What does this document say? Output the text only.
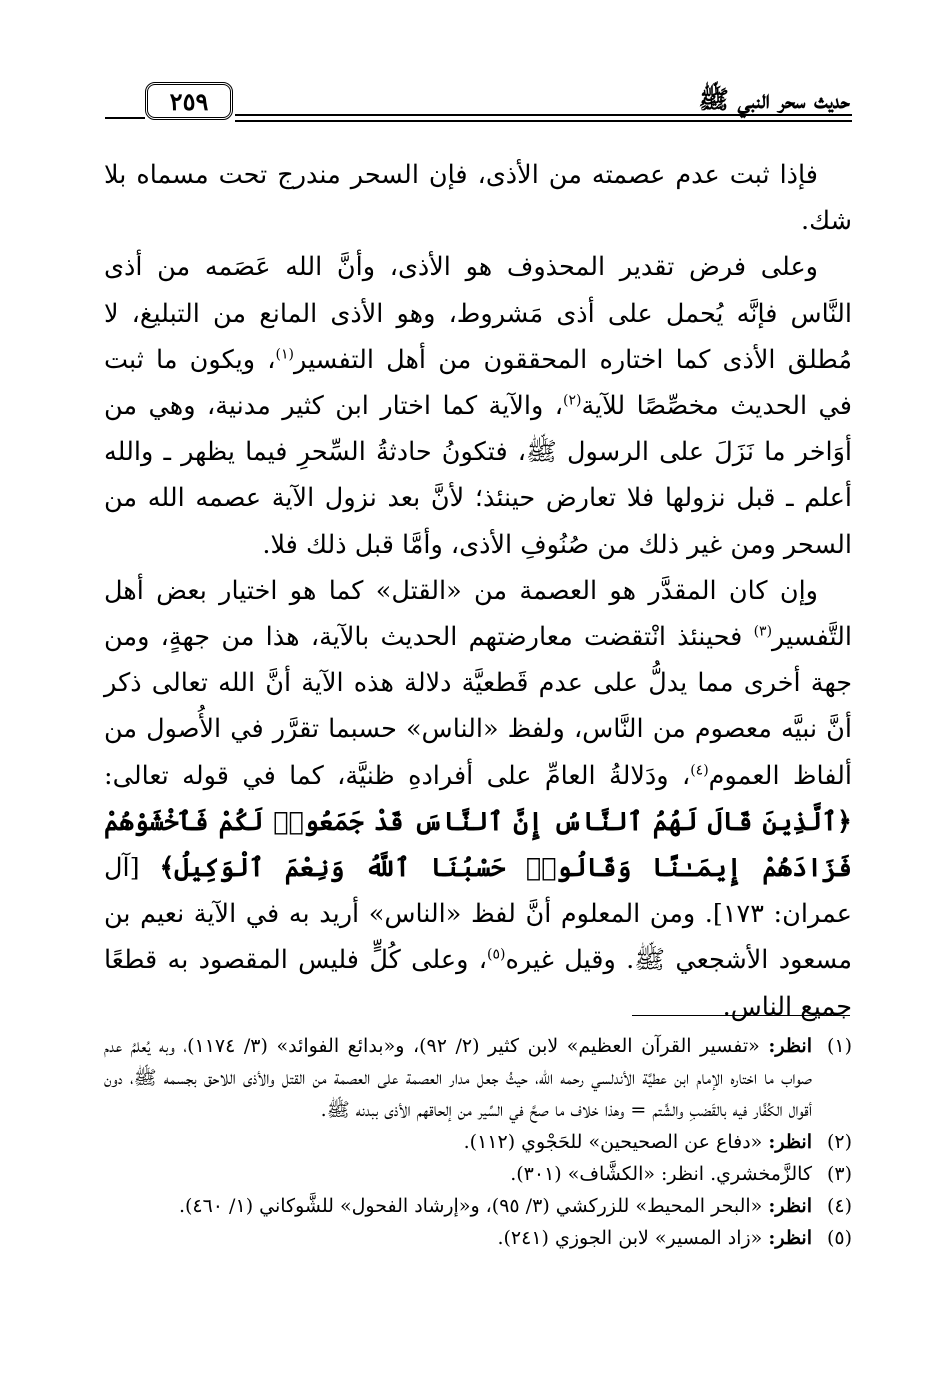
حديث سحر النبي ﷺ
٢٥٩

فإذا ثبت عدم عصمته من الأذى، فإن السحر مندرج تحت مسماه بلا شك.

وعلى فرض تقدير المحذوف هو الأذى، وأنَّ الله عَصَمه من أذى النَّاس فإنَّه يُحمل على أذى مَشروط، وهو الأذى المانع من التبليغ، لا مُطلق الأذى كما اختاره المحققون من أهل التفسير$^{(١)}$، ويكون ما ثبت في الحديث مخصِّصًا للآية$^{(٢)}$، والآية كما اختار ابن كثير مدنية، وهي من أوَاخر ما نَزَلَ على الرسول ﷺ، فتكونُ حادثةُ السِّحرِ فيما يظهر ـ والله أعلم ـ قبل نزولها فلا تعارض حينئذ؛ لأنَّ بعد نزول الآية عصمه الله من السحر ومن غير ذلك من صُنُوفِ الأذى، وأمَّا قبل ذلك فلا.

وإن كان المقدَّر هو العصمة من «القتل» كما هو اختيار بعض أهل التَّفسير$^{(٣)}$ فحينئذ انْتقضت معارضتهم الحديث بالآية، هذا من جهةٍ، ومن جهة أخرى مما يدلُّ على عدم قَطعيَّة دلالة هذه الآية أنَّ الله تعالى ذكر أنَّ نبيَّه معصوم من النَّاس، ولفظ «الناس» حسبما تقرَّر في الأُصول من ألفاظ العموم$^{(٤)}$، ودَلالةُ العامِّ على أفرادهِ ظنيَّة، كما في قوله تعالى: ﴿ٱلَّذِينَ قَالَ لَهُمُ ٱلنَّاسُ إِنَّ ٱلنَّاسَ قَدْ جَمَعُوا۟ لَكُمْ فَٱخْشَوْهُمْ فَزَادَهُمْ إِيمَـٰنًا وَقَالُوا۟ حَسْبُنَا ٱللَّهُ وَنِعْمَ ٱلْوَكِيلُ﴾ [آل عمران: ١٧٣]. ومن المعلوم أنَّ لفظ «الناس» أريد به في الآية نعيم بن مسعود الأشجعي ﷺ. وقيل غيره$^{(٥)}$، وعلى كُلٍّ فليس المقصود به قطعًا جميع الناس.

(١)
انظر: «تفسير القرآن العظيم» لابن كثير (٢/ ٩٢)، و«بدائع الفوائد» (٣/ ١١٧٤)، وبه يُعلمُ عدم صواب ما اختاره الإمام ابن عطيَّة الأندلسي رحمه الله، حيثُ جعل مدار العصمة على العصمة من القتل والأذى اللاحق بجسمه ﷺ، دون أقوال الكُفَّار فيه بالقَضبِ والشَّتم = وهذا خلاف ما صحَّ في السِّير من إلحاقهم الأذى ببدنه ﷺ.
(٢)
انظر: «دفاع عن الصحيحين» للحَجْوي (١١٢).
(٣)
كالزَّمخشري. انظر: «الكشَّاف» (٣٠١).
(٤)
انظر: «البحر المحيط» للزركشي (٣/ ٩٥)، و«إرشاد الفحول» للشَّوكاني (١/ ٤٦٠).
(٥)
انظر: «زاد المسير» لابن الجوزي (٢٤١).
